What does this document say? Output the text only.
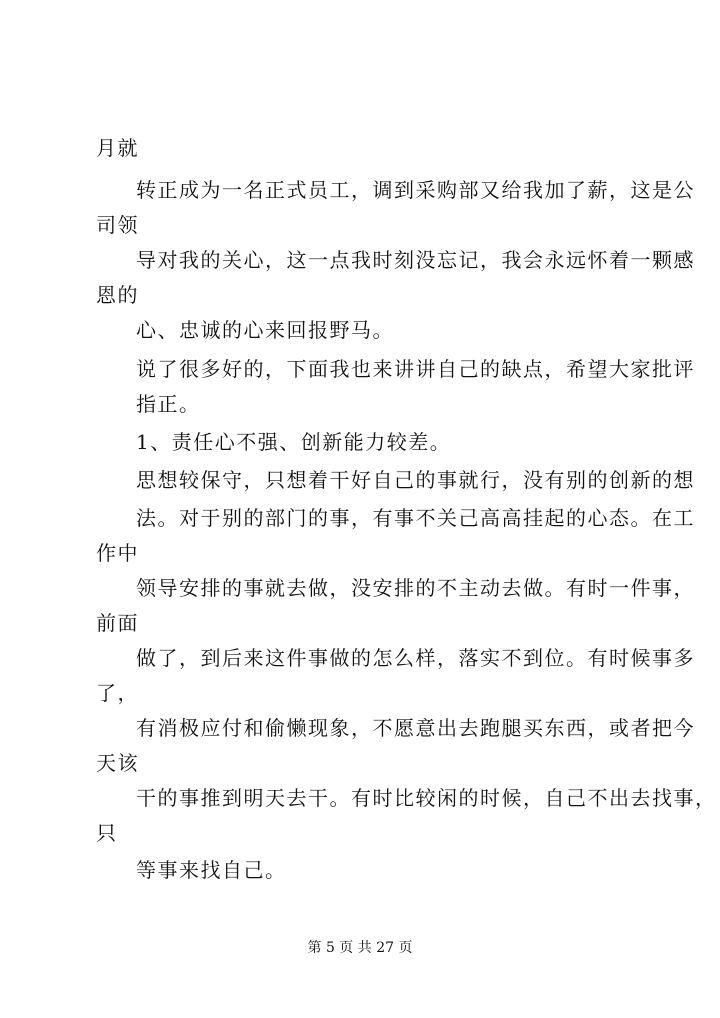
月就
转正成为一名正式员工，调到采购部又给我加了薪，这是公
司领
导对我的关心，这一点我时刻没忘记，我会永远怀着一颗感
恩的
心、忠诚的心来回报野马。
说了很多好的，下面我也来讲讲自己的缺点，希望大家批评
指正。
1、责任心不强、创新能力较差。
思想较保守，只想着干好自己的事就行，没有别的创新的想
法。对于别的部门的事，有事不关己高高挂起的心态。在工
作中
领导安排的事就去做，没安排的不主动去做。有时一件事，
前面
做了，到后来这件事做的怎么样，落实不到位。有时候事多
了，
有消极应付和偷懒现象，不愿意出去跑腿买东西，或者把今
天该
干的事推到明天去干。有时比较闲的时候，自己不出去找事，
只
等事来找自己。
第 5 页 共 27 页
